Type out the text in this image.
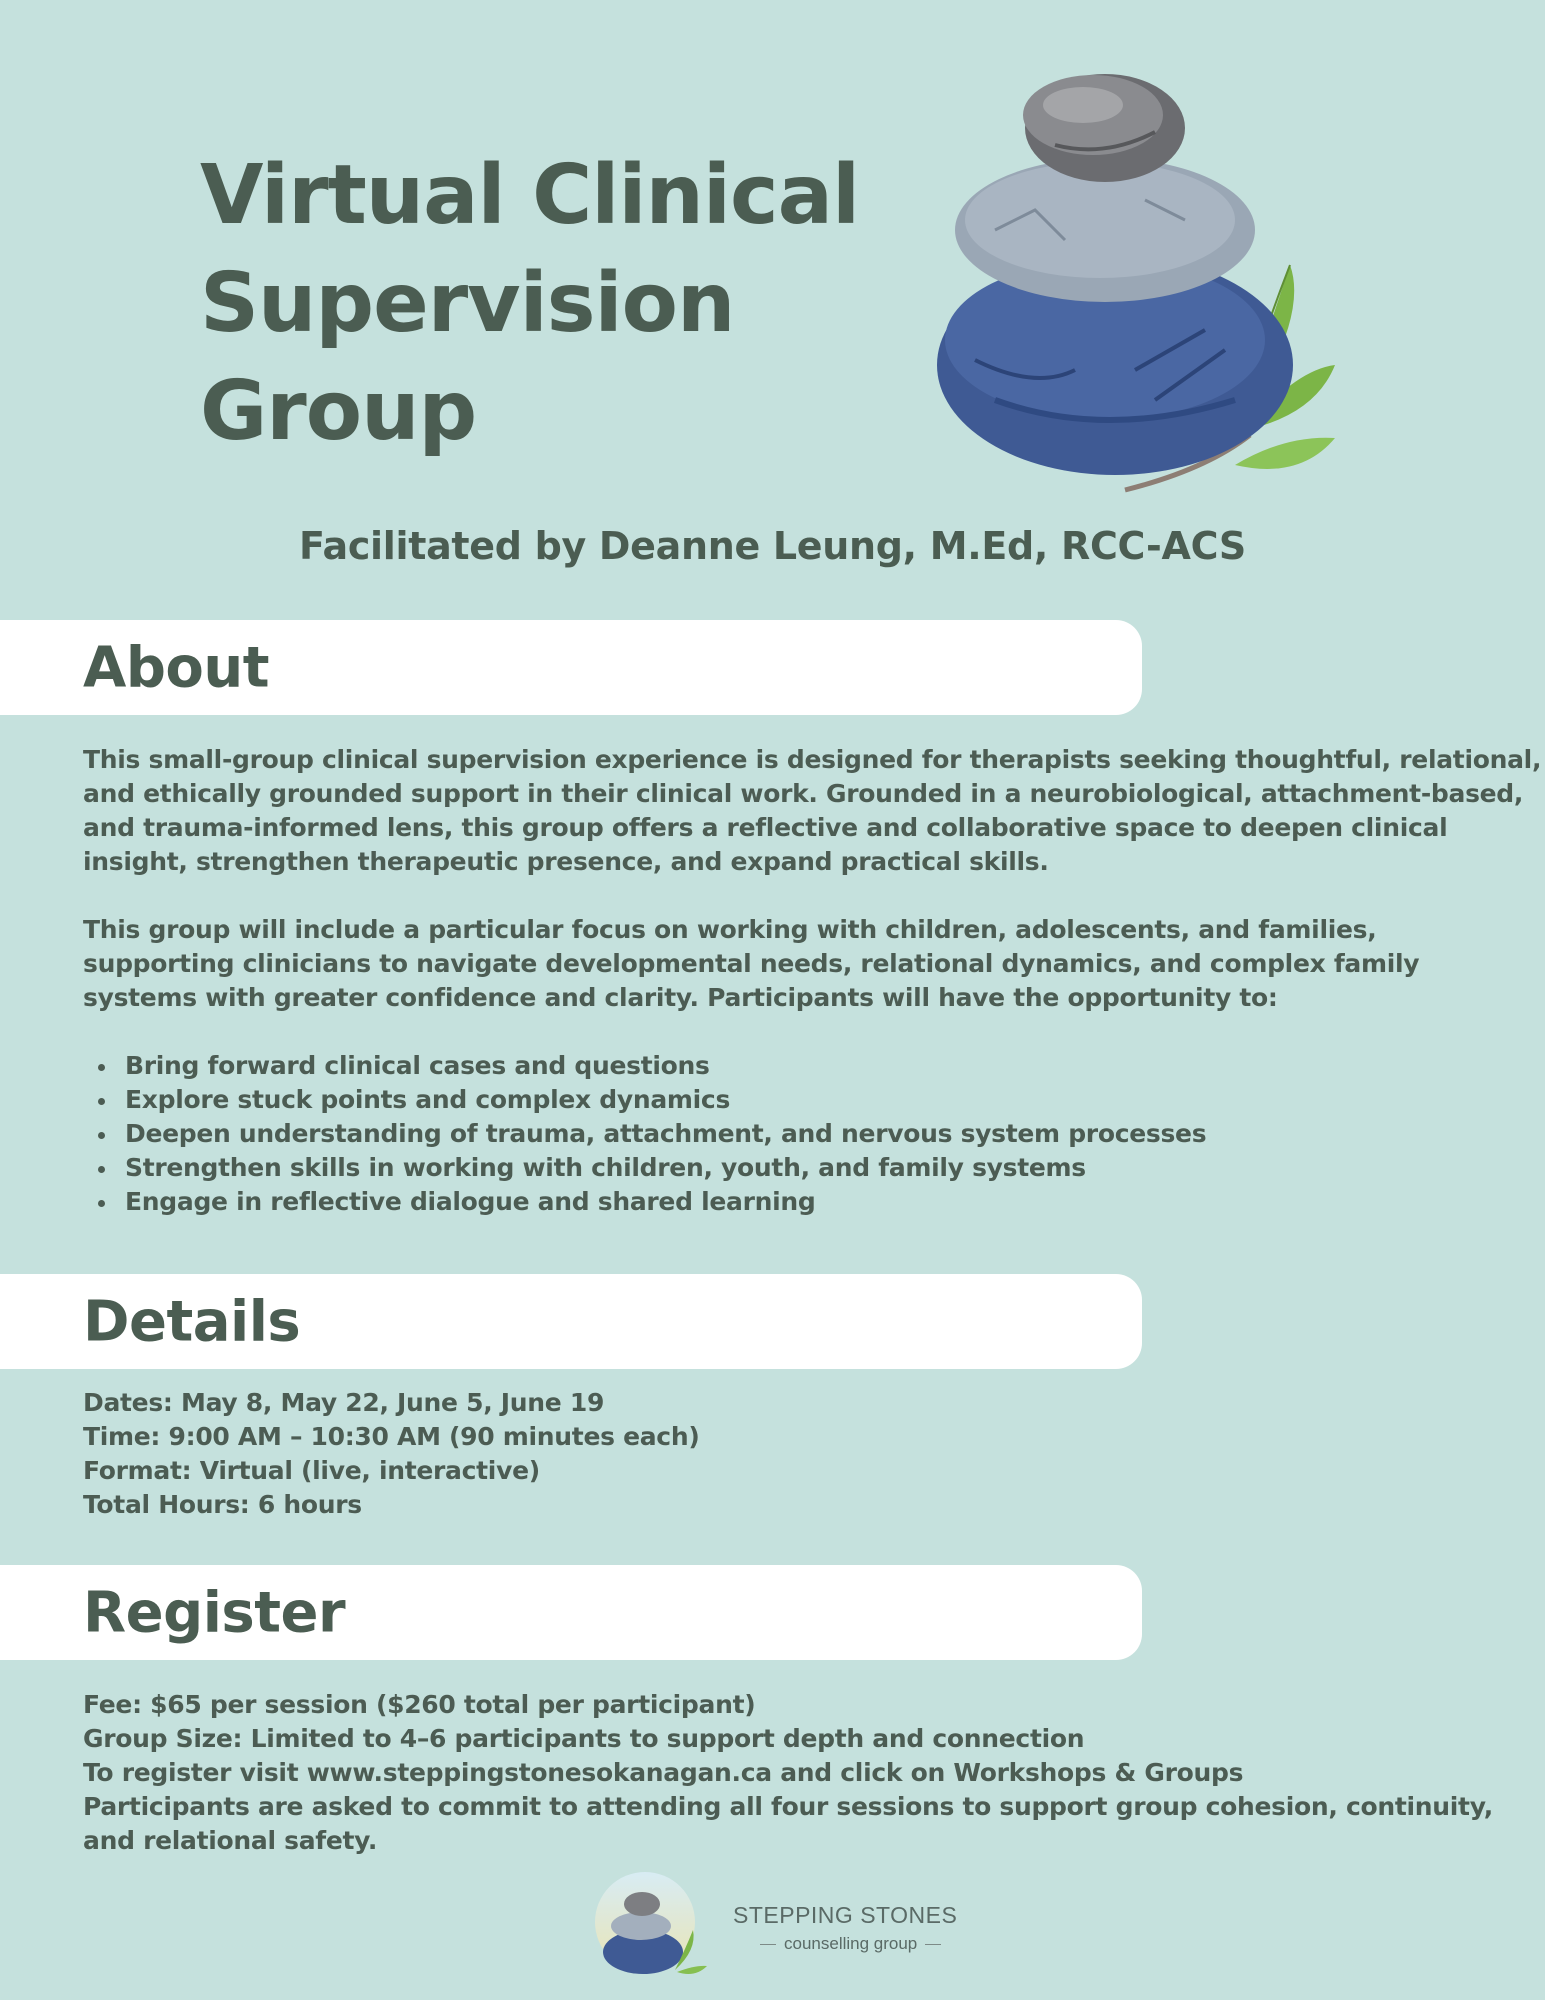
Virtual Clinical
Supervision
Group
Facilitated by Deanne Leung, M.Ed, RCC-ACS
About

This small-group clinical supervision experience is designed for therapists seeking thoughtful, relational,
and ethically grounded support in their clinical work. Grounded in a neurobiological, attachment-based,
and trauma-informed lens, this group offers a reflective and collaborative space to deepen clinical
insight, strengthen therapeutic presence, and expand practical skills.

This group will include a particular focus on working with children, adolescents, and families,
supporting clinicians to navigate developmental needs, relational dynamics, and complex family
systems with greater confidence and clarity. Participants will have the opportunity to:

Bring forward clinical cases and questions
Explore stuck points and complex dynamics
Deepen understanding of trauma, attachment, and nervous system processes
Strengthen skills in working with children, youth, and family systems
Engage in reflective dialogue and shared learning
Details
Dates: May 8, May 22, June 5, June 19
Time: 9:00 AM – 10:30 AM (90 minutes each)
Format: Virtual (live, interactive)
Total Hours: 6 hours
Register
Fee: $65 per session ($260 total per participant)
Group Size: Limited to 4–6 participants to support depth and connection
To register visit www.steppingstonesokanagan.ca and click on Workshops & Groups
Participants are asked to commit to attending all four sessions to support group cohesion, continuity,
and relational safety.
STEPPING STONES
counselling group
